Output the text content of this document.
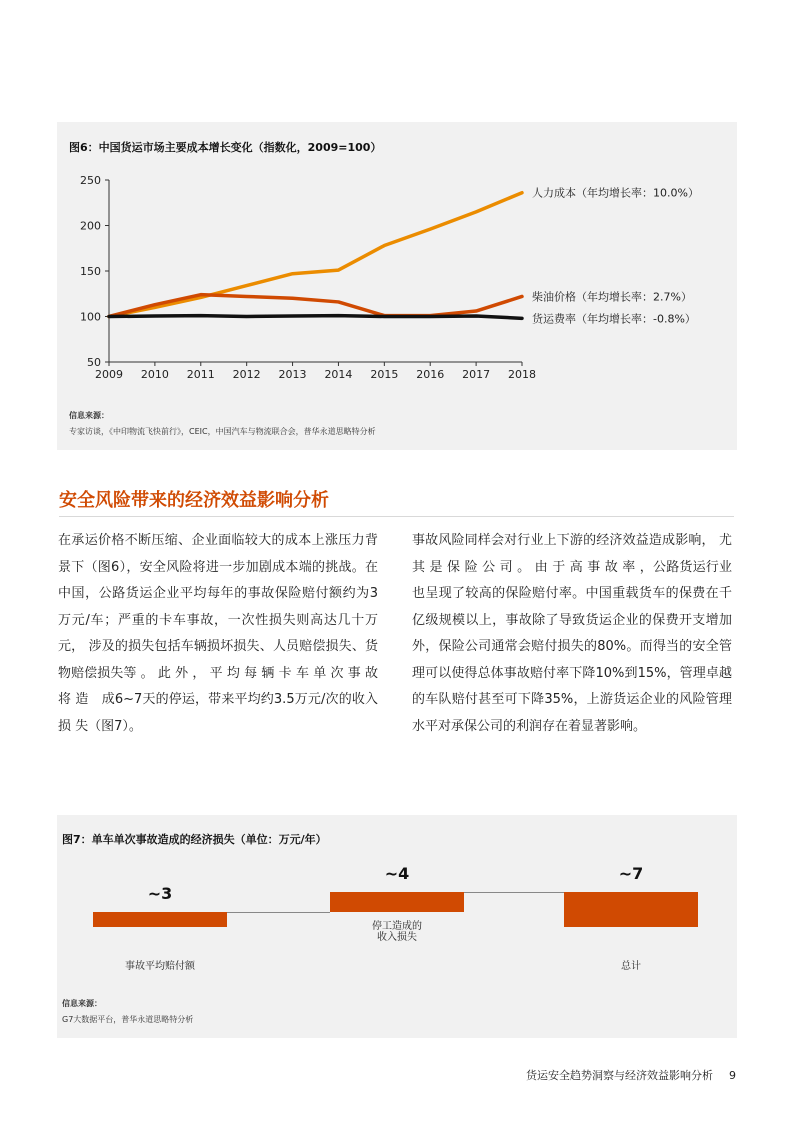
图6：中国货运市场主要成本增长变化（指数化，2009=100）
50
100
150
200
250
2009 2010 2011 2012 2013 2014 2015 2016 2017 2018
人力成本（年均增长率：10.0%）
柴油价格（年均增长率：2.7%）
货运费率（年均增长率：-0.8%）
信息来源：
专家访谈，《中印物流飞快前行》，CEIC，中国汽车与物流联合会，普华永道思略特分析
安全风险带来的经济效益影响分析

在承运价格不断压缩、企业面临较大的成本上涨压力背景下（图6），安全风险将进一步加剧成本端的挑战。在中国，公路货运企业平均每年的事故保险赔付额约为3万元/车；严重的卡车事故，一次性损失则高达几十万元， 涉及的损失包括车辆损坏损失、人员赔偿损失、货物赔偿损失等 。 此 外 ， 平 均 每 辆 卡 车 单 次 事 故 将 造　成6~7天的停运，带来平均约3.5万元/次的收入损 失（图7）。

事故风险同样会对行业上下游的经济效益造成影响， 尤 其 是 保 险 公 司 。 由 于 高 事 故 率 ，公路货运行业也呈现了较高的保险赔付率。中国重载货车的保费在千亿级规模以上，事故除了导致货运企业的保费开支增加外，保险公司通常会赔付损失的80%。而得当的安全管理可以使得总体事故赔付率下降10%到15%，管理卓越的车队赔付甚至可下降35%，上游货运企业的风险管理水平对承保公司的利润存在着显著影响。

图7：单车单次事故造成的经济损失（单位：万元/年）
~3
事故平均赔付额
~4
停工造成的
收入损失
~7
总计
信息来源：
G7大数据平台，普华永道思略特分析
货运安全趋势洞察与经济效益影响分析 9
